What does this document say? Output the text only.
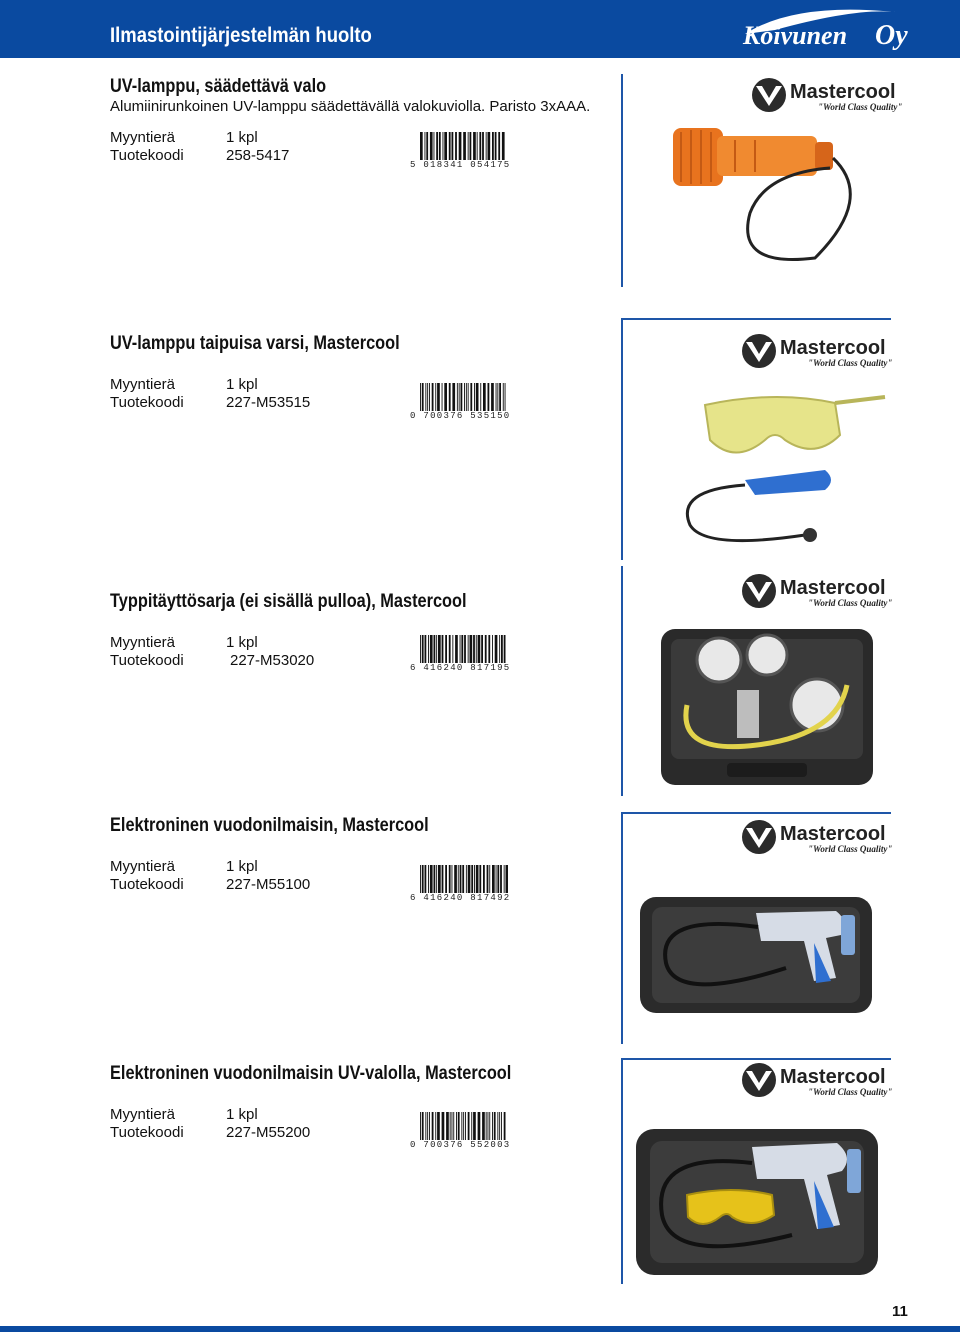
Ilmastointijärjestelmän huolto	Koivunen Oy
UV-lamppu, säädettävä valo
Alumiinirunkoinen UV-lamppu säädettävällä valokuviolla. Paristo 3xAAA.
Myyntierä	1 kpl
Tuotekoodi	258-5417
5 018341 054175
Mastercool
"World Class Quality"
UV-lamppu taipuisa varsi, Mastercool
Myyntierä	1 kpl
Tuotekoodi	227-M53515
0 700376 535150
Mastercool
"World Class Quality"
Typpitäyttösarja (ei sisällä pulloa), Mastercool
Myyntierä	1 kpl
Tuotekoodi	227-M53020	6 416240 817195
Mastercool
"World Class Quality"
Elektroninen vuodonilmaisin, Mastercool
Myyntierä	1 kpl
Tuotekoodi	227-M55100
6 416240 817492
Mastercool
"World Class Quality"
Elektroninen vuodonilmaisin UV-valolla, Mastercool
Myyntierä	1 kpl
Tuotekoodi	227-M55200
0 700376 552003
Mastercool
"World Class Quality"
11
